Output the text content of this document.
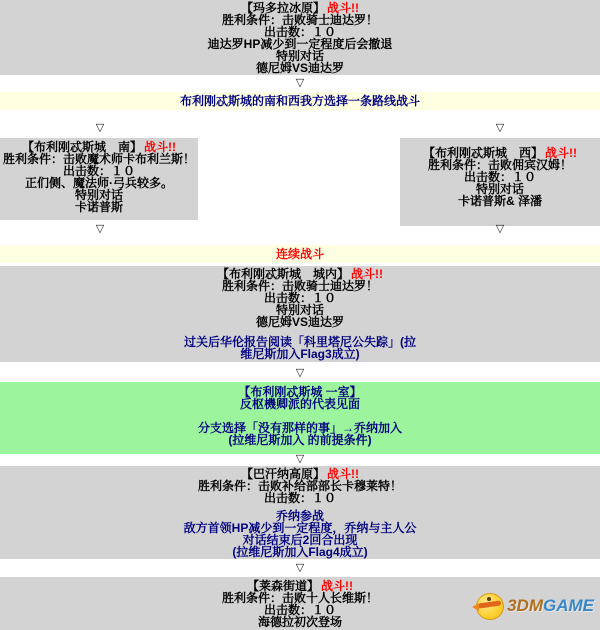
【玛多拉冰原】 战斗!!
胜利条件：击败骑士迪达罗！
出击数：１０
迪达罗HP减少到一定程度后会撤退
特别对话
德尼姆VS迪达罗
▽
布利刚忒斯城的南和西我方选择一条路线战斗
▽	▽
【布利刚忒斯城　南】 战斗!!
胜利条件：击败魔术师卡布利兰斯！
出击数：１０
正们侧、魔法师·弓兵较多。
特别对话
卡诺普斯
【布利刚忒斯城　西】 战斗!!
胜利条件：击败佣宾汉姆！
出击数：１０
特别对话
卡诺普斯& 泽潘
▽	▽
连续战斗
【布利刚忒斯城　城内】 战斗!!
胜利条件：击败骑士迪达罗！
出击数：１０
特别对话
德尼姆VS迪达罗
过关后华伦报告阅读「科里塔尼公失踪」(拉
维尼斯加入Flag3成立)
▽
【布利刚忒斯城 一室】
反枢機卿派的代表见面
分支选择「没有那样的事」→乔纳加入
(拉维尼斯加入 的前提条件)
▽
【巴汗纳高原】 战斗!!
胜利条件：击败补给部部长卡穆莱特！
出击数：１０
乔纳参战
敌方首领HP减少到一定程度，乔纳与主人公
对话结束后2回合出现
(拉维尼斯加入Flag4成立)
▽
【莱森街道】 战斗!!
胜利条件：击败十人长维斯！
出击数：１０
海德拉初次登场
3DM GAME
